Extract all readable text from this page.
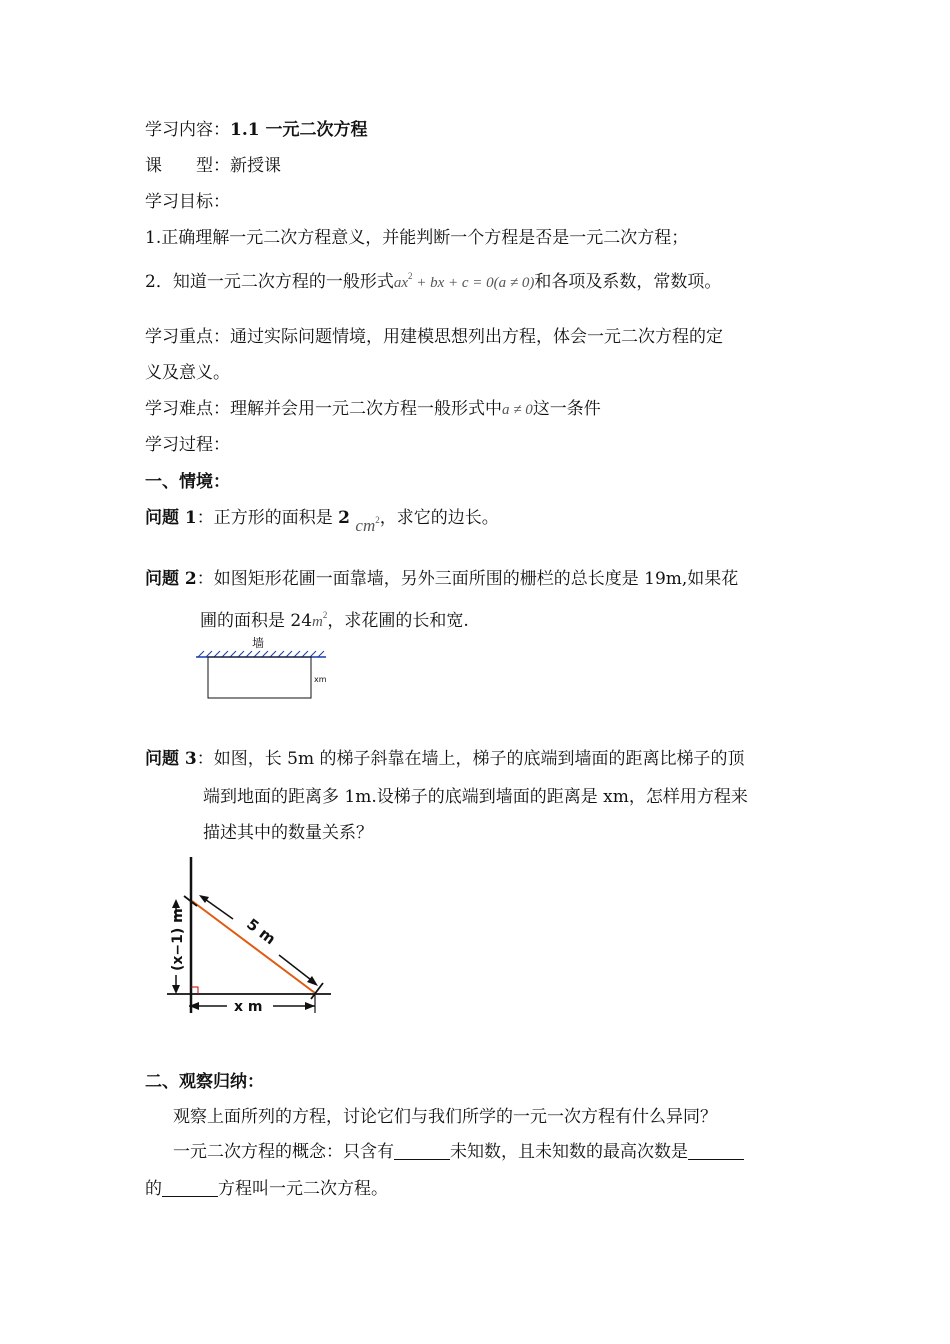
学习内容：1.1 一元二次方程
课　　型：新授课
学习目标：
1.正确理解一元二次方程意义，并能判断一个方程是否是一元二次方程；
2．知道一元二次方程的一般形式$ax^2$ + bx + c = 0(a ≠ 0)和各项及系数，常数项。
学习重点：通过实际问题情境，用建模思想列出方程，体会一元二次方程的定
义及意义。
学习难点：理解并会用一元二次方程一般形式中a ≠ 0这一条件
学习过程：
一、情境：
问题 1：正方形的面积是 2 $cm^2$，求它的边长。
问题 2：如图矩形花圃一面靠墙，另外三面所围的栅栏的总长度是 19m,如果花
圃的面积是 $24m^2$，求花圃的长和宽.
墙
xm
问题 3：如图，长 5m 的梯子斜靠在墙上，梯子的底端到墙面的距离比梯子的顶
端到地面的距离多 1m.设梯子的底端到墙面的距离是 xm，怎样用方程来
描述其中的数量关系？
5 m
(x−1) m
x m
二、观察归纳：
观察上面所列的方程，讨论它们与我们所学的一元一次方程有什么异同？
一元二次方程的概念：只含有	未知数，且未知数的最高次数是
的	方程叫一元二次方程。
